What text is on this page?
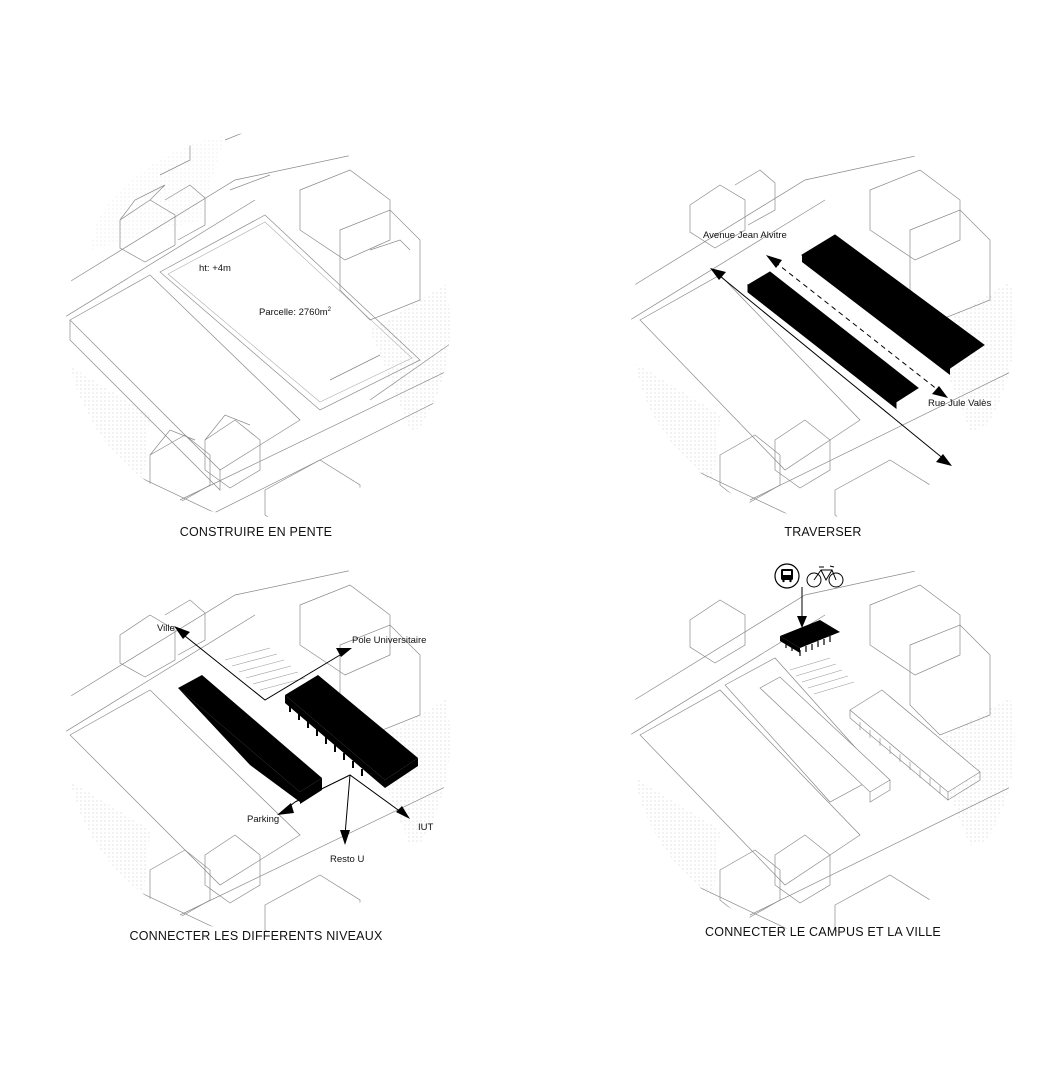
ht: +4m
Parcelle: $2760m^2$
CONSTRUIRE EN PENTE
Avenue Jean Alvitre
Rue Jule Valès
TRAVERSER
Ville
Pole Universitaire
Parking
IUT
Resto U
CONNECTER LES DIFFERENTS NIVEAUX	CONNECTER LE CAMPUS ET LA VILLE
